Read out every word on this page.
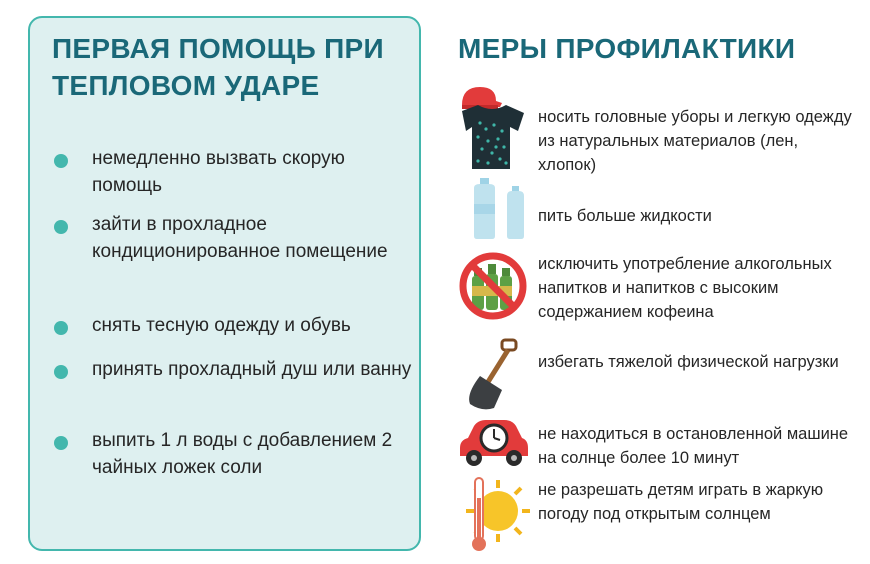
ПЕРВАЯ ПОМОЩЬ ПРИ ТЕПЛОВОМ УДАРЕ
немедленно вызвать скорую помощь
зайти в прохладное кондиционированное помещение
снять тесную одежду и обувь
принять прохладный душ или ванну
выпить 1 л воды с добавлением 2 чайных ложек соли
МЕРЫ ПРОФИЛАКТИКИ
носить головные уборы и легкую одежду из натуральных материалов (лен, хлопок)
пить больше жидкости
исключить употребление алкогольных напитков и напитков с высоким содержанием кофеина
избегать тяжелой физической нагрузки
не находиться в остановленной машине на солнце более 10 минут
не разрешать детям играть в жаркую погоду под открытым солнцем
